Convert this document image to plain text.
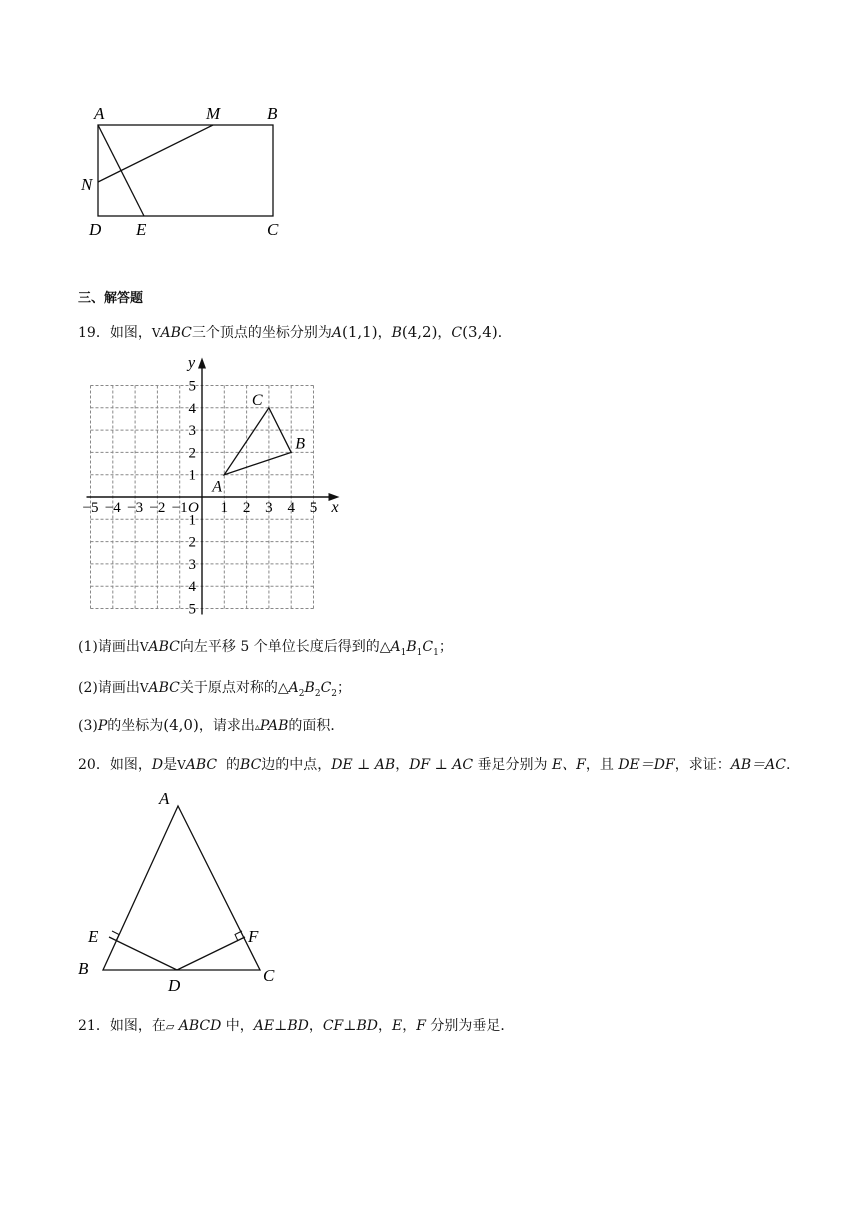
A	M	B
N
D E	C
三、解答题
19．如图，VABC三个顶点的坐标分别为A(1,1)，B(4,2)，C(3,4)．
x
y
O
−5 −4 −3 −2 −1 1 2 3 4 5
5
4
3
2
1
1
2
3
4
5
A
B
C
(1)请画出VABC向左平移 5 个单位长度后得到的$\triangle A_1B_1C_1$；
(2)请画出VABC关于原点对称的$\triangle A_2B_2C_2$；
(3)P的坐标为(4,0)，请求出▵PAB的面积．
20．如图，D是VABC  的BC边的中点，DE ⊥ AB，DF ⊥ AC 垂足分别为 E、F，且 DE＝DF，求证：AB＝AC.
A
E	F
B
D
C
21．如图，在▱ ABCD 中，AE⊥BD，CF⊥BD，E，F 分别为垂足．
